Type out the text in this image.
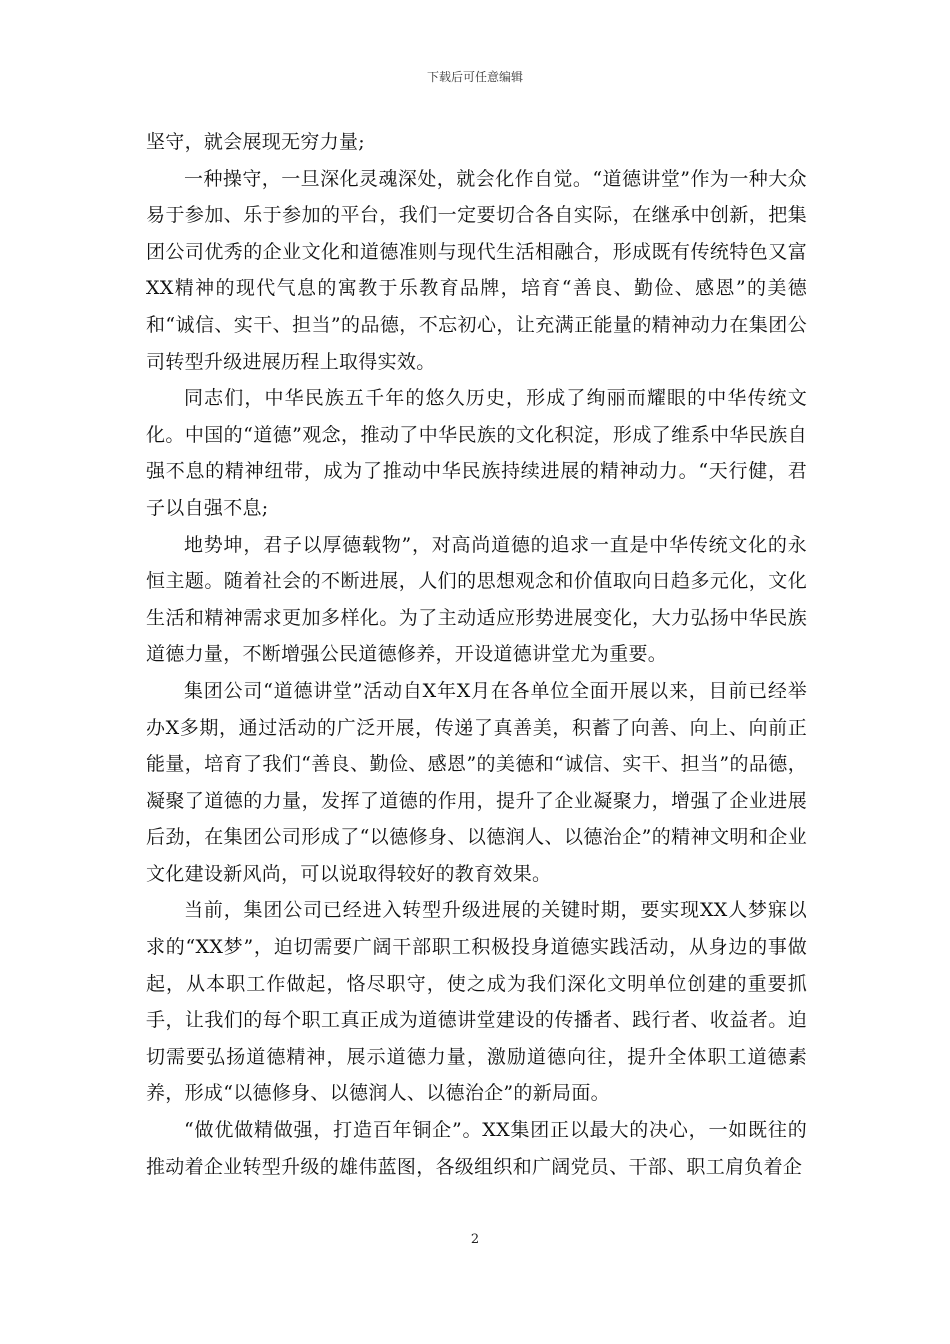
下载后可任意编辑

坚守，就会展现无穷力量;

一种操守，一旦深化灵魂深处，就会化作自觉。“道德讲堂”作为一种大众易于参加、乐于参加的平台，我们一定要切合各自实际，在继承中创新，把集团公司优秀的企业文化和道德准则与现代生活相融合，形成既有传统特色又富XX精神的现代气息的寓教于乐教育品牌，培育“善良、勤俭、感恩”的美德和“诚信、实干、担当”的品德，不忘初心，让充满正能量的精神动力在集团公司转型升级进展历程上取得实效。

同志们，中华民族五千年的悠久历史，形成了绚丽而耀眼的中华传统文化。中国的“道德”观念，推动了中华民族的文化积淀，形成了维系中华民族自强不息的精神纽带，成为了推动中华民族持续进展的精神动力。“天行健，君子以自强不息;

地势坤，君子以厚德载物”，对高尚道德的追求一直是中华传统文化的永恒主题。随着社会的不断进展，人们的思想观念和价值取向日趋多元化，文化生活和精神需求更加多样化。为了主动适应形势进展变化，大力弘扬中华民族道德力量，不断增强公民道德修养，开设道德讲堂尤为重要。

集团公司“道德讲堂”活动自X年X月在各单位全面开展以来，目前已经举办X多期，通过活动的广泛开展，传递了真善美，积蓄了向善、向上、向前正能量，培育了我们“善良、勤俭、感恩”的美德和“诚信、实干、担当”的品德，凝聚了道德的力量，发挥了道德的作用，提升了企业凝聚力，增强了企业进展后劲，在集团公司形成了“以德修身、以德润人、以德治企”的精神文明和企业文化建设新风尚，可以说取得较好的教育效果。

当前，集团公司已经进入转型升级进展的关键时期，要实现XX人梦寐以求的“XX梦”，迫切需要广阔干部职工积极投身道德实践活动，从身边的事做起，从本职工作做起，恪尽职守，使之成为我们深化文明单位创建的重要抓手，让我们的每个职工真正成为道德讲堂建设的传播者、践行者、收益者。迫切需要弘扬道德精神，展示道德力量，激励道德向往，提升全体职工道德素养，形成“以德修身、以德润人、以德治企”的新局面。

“做优做精做强，打造百年铜企”。XX集团正以最大的决心，一如既往的推动着企业转型升级的雄伟蓝图，各级组织和广阔党员、干部、职工肩负着企

2
